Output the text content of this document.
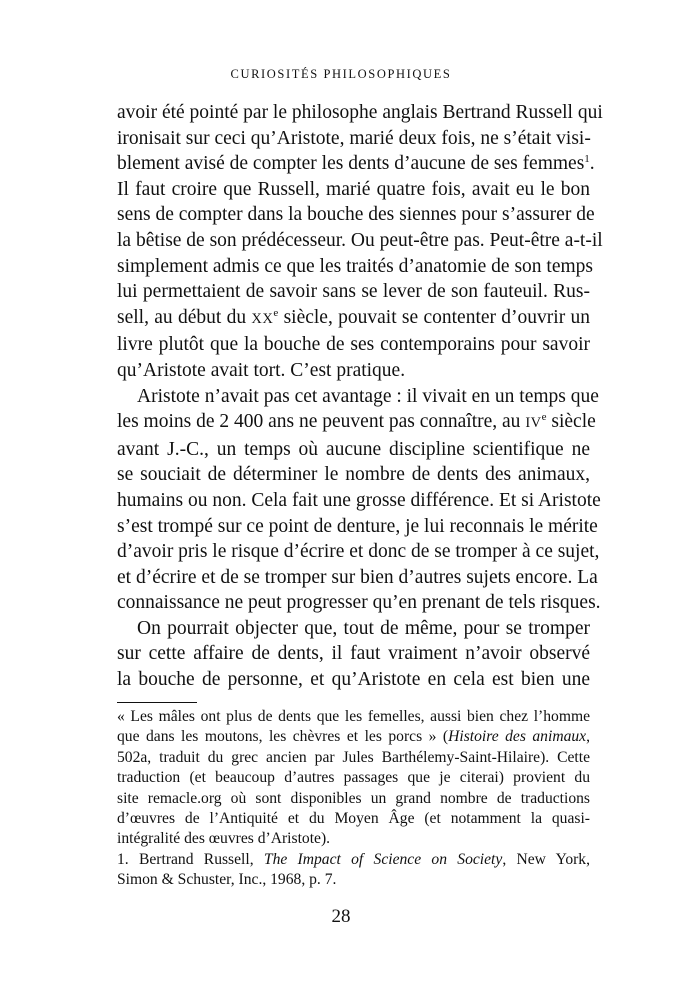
CURIOSITÉS PHILOSOPHIQUES
avoir été pointé par le philosophe anglais Bertrand Russell qui
ironisait sur ceci qu’Aristote, marié deux fois, ne s’était visi-
blement avisé de compter les dents d’aucune de ses femmes$^1$.
Il faut croire que Russell, marié quatre fois, avait eu le bon
sens de compter dans la bouche des siennes pour s’assurer de
la bêtise de son prédécesseur. Ou peut-être pas. Peut-être a-t-il
simplement admis ce que les traités d’anatomie de son temps
lui permettaient de savoir sans se lever de son fauteuil. Rus-
sell, au début du XXe siècle, pouvait se contenter d’ouvrir un
livre plutôt que la bouche de ses contemporains pour savoir
qu’Aristote avait tort. C’est pratique.
Aristote n’avait pas cet avantage : il vivait en un temps que
les moins de 2 400 ans ne peuvent pas connaître, au IVe siècle
avant J.-C., un temps où aucune discipline scientifique ne
se souciait de déterminer le nombre de dents des animaux,
humains ou non. Cela fait une grosse différence. Et si Aristote
s’est trompé sur ce point de denture, je lui reconnais le mérite
d’avoir pris le risque d’écrire et donc de se tromper à ce sujet,
et d’écrire et de se tromper sur bien d’autres sujets encore. La
connaissance ne peut progresser qu’en prenant de tels risques.
On pourrait objecter que, tout de même, pour se tromper
sur cette affaire de dents, il faut vraiment n’avoir observé
la bouche de personne, et qu’Aristote en cela est bien une
« Les mâles ont plus de dents que les femelles, aussi bien chez l’homme
que dans les moutons, les chèvres et les porcs » (Histoire des animaux,
502a, traduit du grec ancien par Jules Barthélemy-Saint-Hilaire). Cette
traduction (et beaucoup d’autres passages que je citerai) provient du
site remacle.org où sont disponibles un grand nombre de traductions
d’œuvres de l’Antiquité et du Moyen Âge (et notamment la quasi-
intégralité des œuvres d’Aristote).
1. Bertrand Russell, The Impact of Science on Society, New York,
Simon & Schuster, Inc., 1968, p. 7.
28
